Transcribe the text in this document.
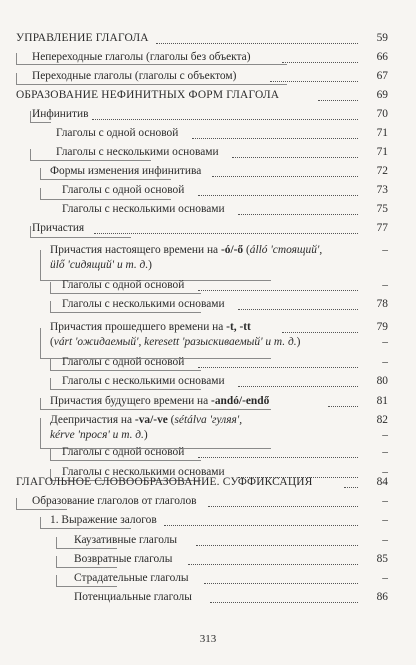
УПРАВЛЕНИЕ ГЛАГОЛА	59
Непереходные глаголы (глаголы без объекта)	66
Переходные глаголы (глаголы с объектом)	67
ОБРАЗОВАНИЕ НЕФИНИТНЫХ ФОРМ ГЛАГОЛА	69
Инфинитив	70
Глаголы с одной основой	71
Глаголы с несколькими основами	71
Формы изменения инфинитива	72
Глаголы с одной основой	73
Глаголы с несколькими основами	75
Причастия	77
Причастия настоящего времени на -ó/-ő (álló 'стоящий',	–
ülő 'сидящий' и т. д.)
Глаголы с одной основой	–
Глаголы с несколькими основами	78
Причастия прошедшего времени на -t, -tt	79
(várt 'ожидаемый', keresett 'разыскиваемый' и т. д.)	–
Глаголы с одной основой	–
Глаголы с несколькими основами	80
Причастия будущего времени на -andó/-endő	81
Деепричастия на -va/-ve (sétálva 'гуляя',	82
kérve 'прося' и т. д.)	–
Глаголы с одной основой	–
Глаголы с несколькими основами	–
ГЛАГОЛЬНОЕ СЛОВООБРАЗОВАНИЕ. СУФФИКСАЦИЯ	84
Образование глаголов от глаголов	–
1. Выражение залогов	–
Каузативные глаголы	–
Возвратные глаголы	85
Страдательные глаголы	–
Потенциальные глаголы	86
313
